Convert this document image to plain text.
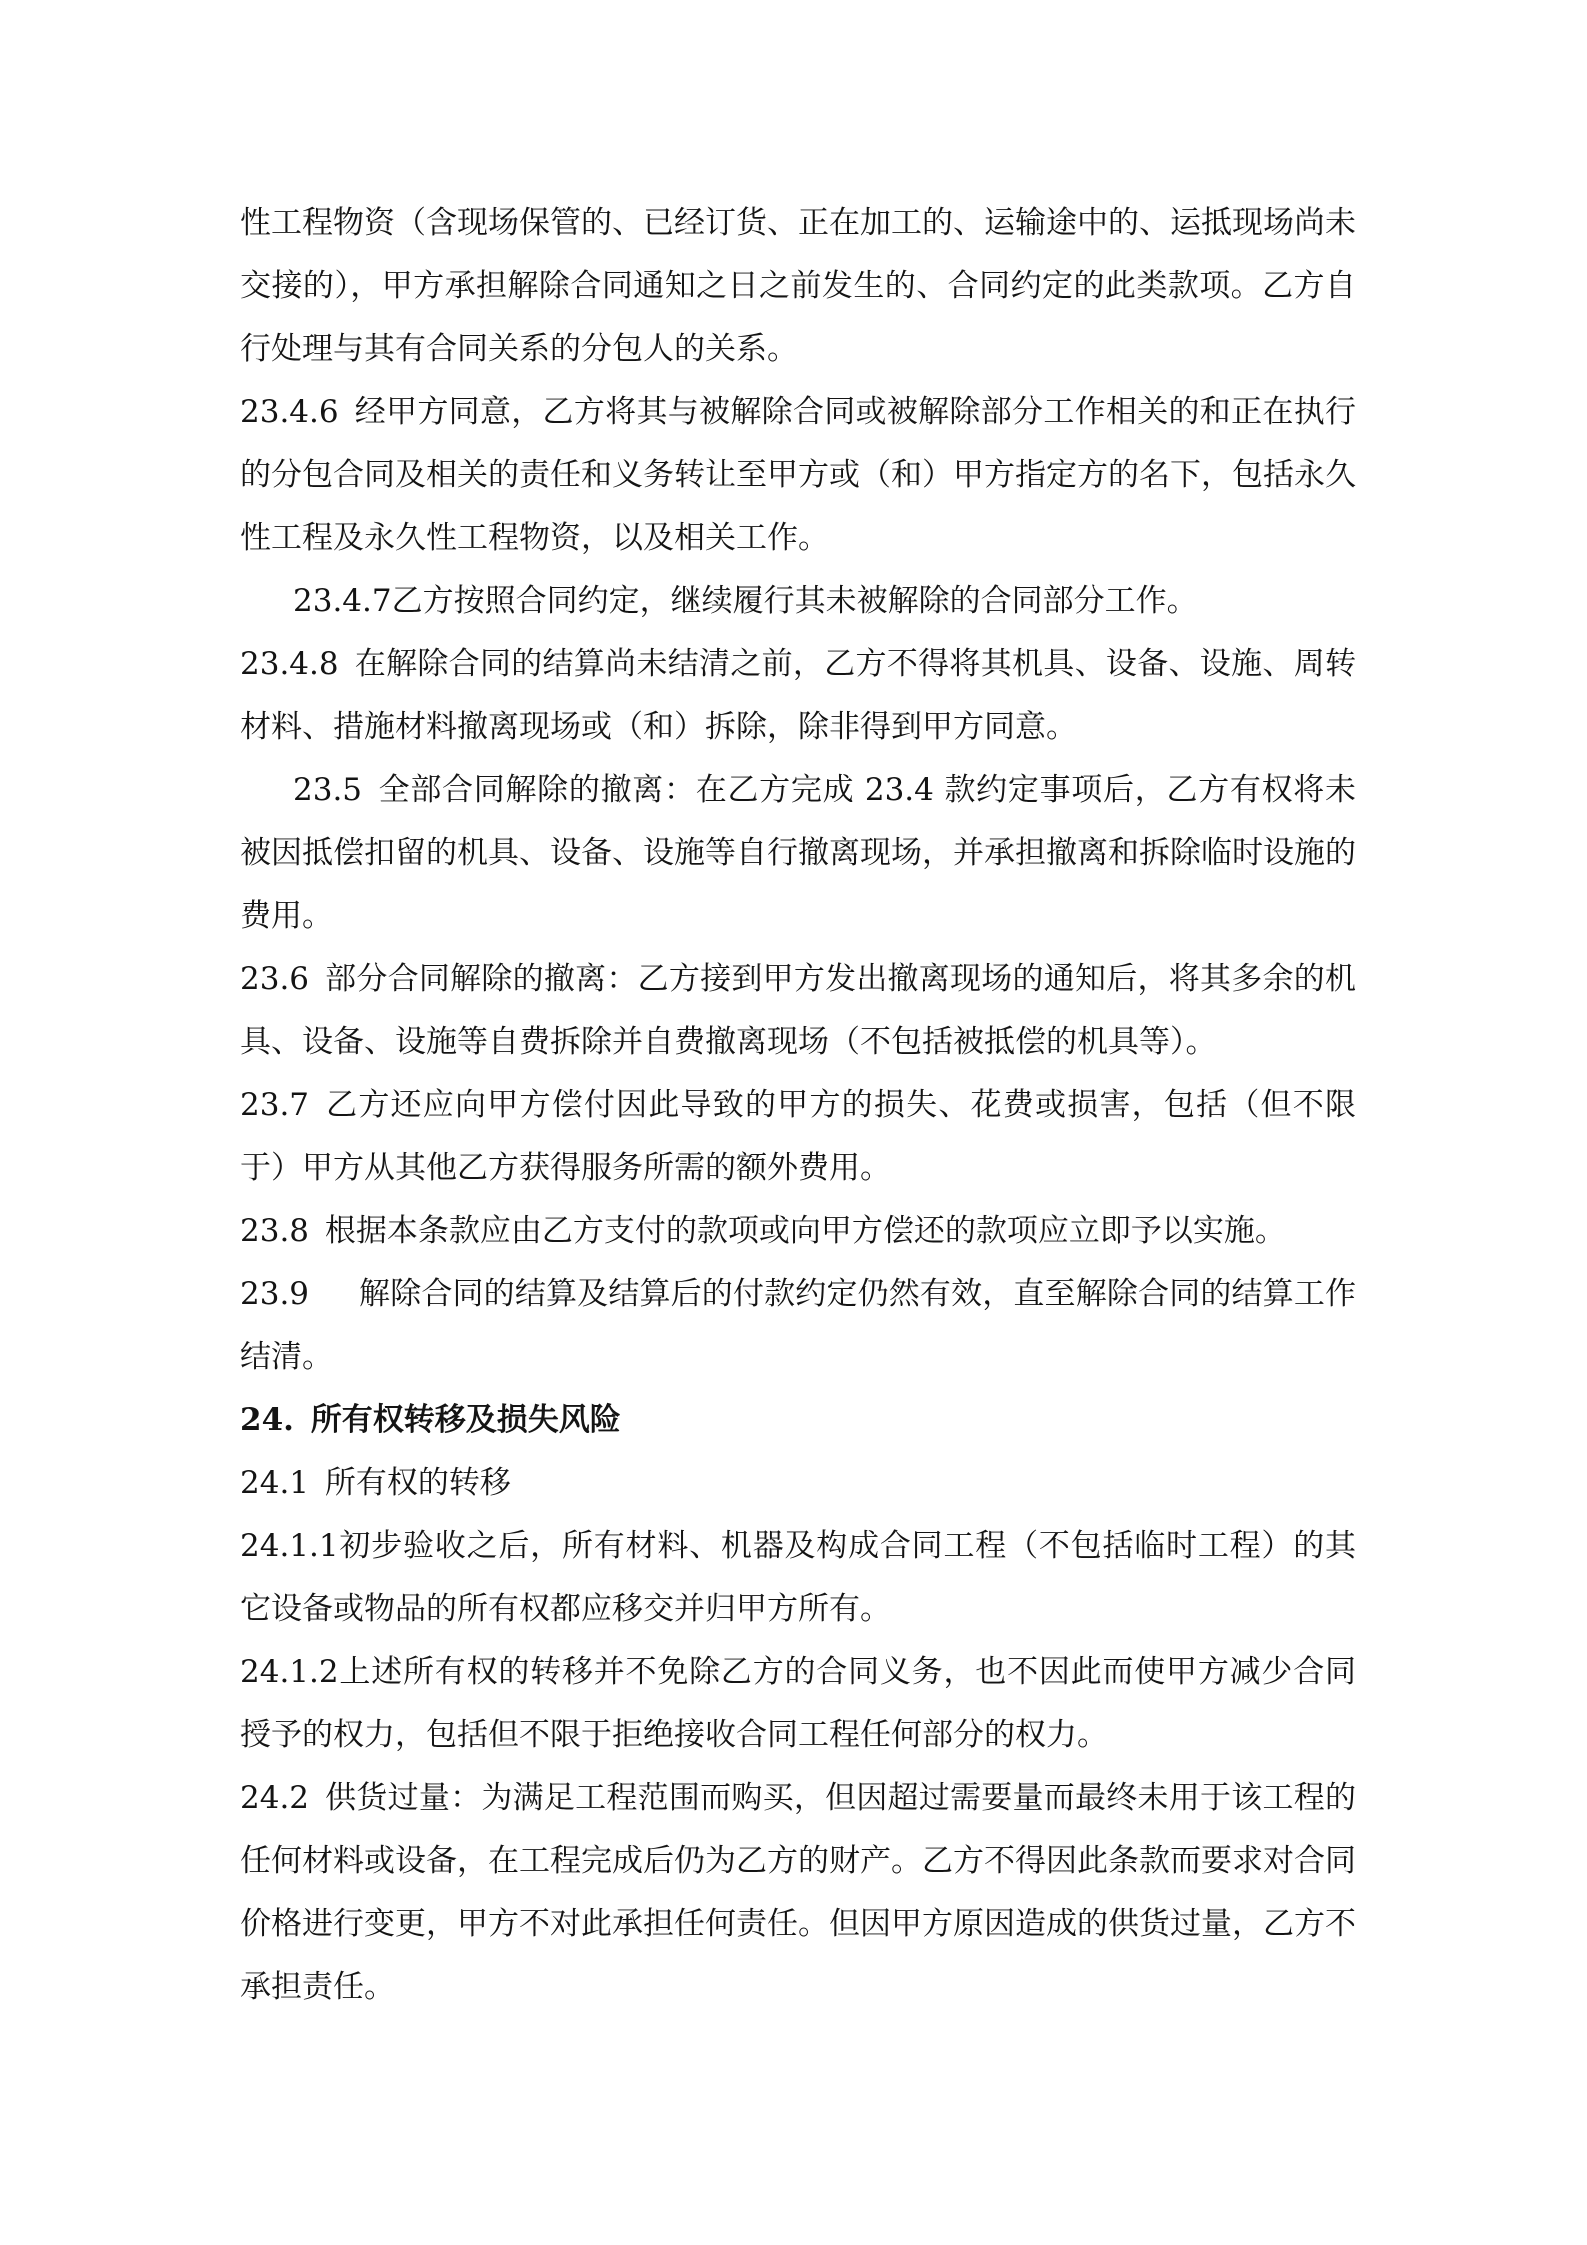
性工程物资（含现场保管的、已经订货、正在加工的、运输途中的、运抵现场尚未交接的），甲方承担解除合同通知之日之前发生的、合同约定的此类款项。乙方自行处理与其有合同关系的分包人的关系。

23.4.6 经甲方同意，乙方将其与被解除合同或被解除部分工作相关的和正在执行的分包合同及相关的责任和义务转让至甲方或（和）甲方指定方的名下，包括永久性工程及永久性工程物资，以及相关工作。

23.4.7乙方按照合同约定，继续履行其未被解除的合同部分工作。

23.4.8 在解除合同的结算尚未结清之前，乙方不得将其机具、设备、设施、周转材料、措施材料撤离现场或（和）拆除，除非得到甲方同意。

23.5 全部合同解除的撤离：在乙方完成 23.4 款约定事项后，乙方有权将未被因抵偿扣留的机具、设备、设施等自行撤离现场，并承担撤离和拆除临时设施的费用。

23.6 部分合同解除的撤离：乙方接到甲方发出撤离现场的通知后，将其多余的机具、设备、设施等自费拆除并自费撤离现场（不包括被抵偿的机具等）。

23.7 乙方还应向甲方偿付因此导致的甲方的损失、花费或损害，包括（但不限于）甲方从其他乙方获得服务所需的额外费用。

23.8 根据本条款应由乙方支付的款项或向甲方偿还的款项应立即予以实施。

23.9 解除合同的结算及结算后的付款约定仍然有效，直至解除合同的结算工作结清。

24. 所有权转移及损失风险

24.1 所有权的转移

24.1.1初步验收之后，所有材料、机器及构成合同工程（不包括临时工程）的其它设备或物品的所有权都应移交并归甲方所有。

24.1.2上述所有权的转移并不免除乙方的合同义务，也不因此而使甲方减少合同授予的权力，包括但不限于拒绝接收合同工程任何部分的权力。

24.2 供货过量：为满足工程范围而购买，但因超过需要量而最终未用于该工程的任何材料或设备，在工程完成后仍为乙方的财产。乙方不得因此条款而要求对合同价格进行变更，甲方不对此承担任何责任。但因甲方原因造成的供货过量，乙方不承担责任。
